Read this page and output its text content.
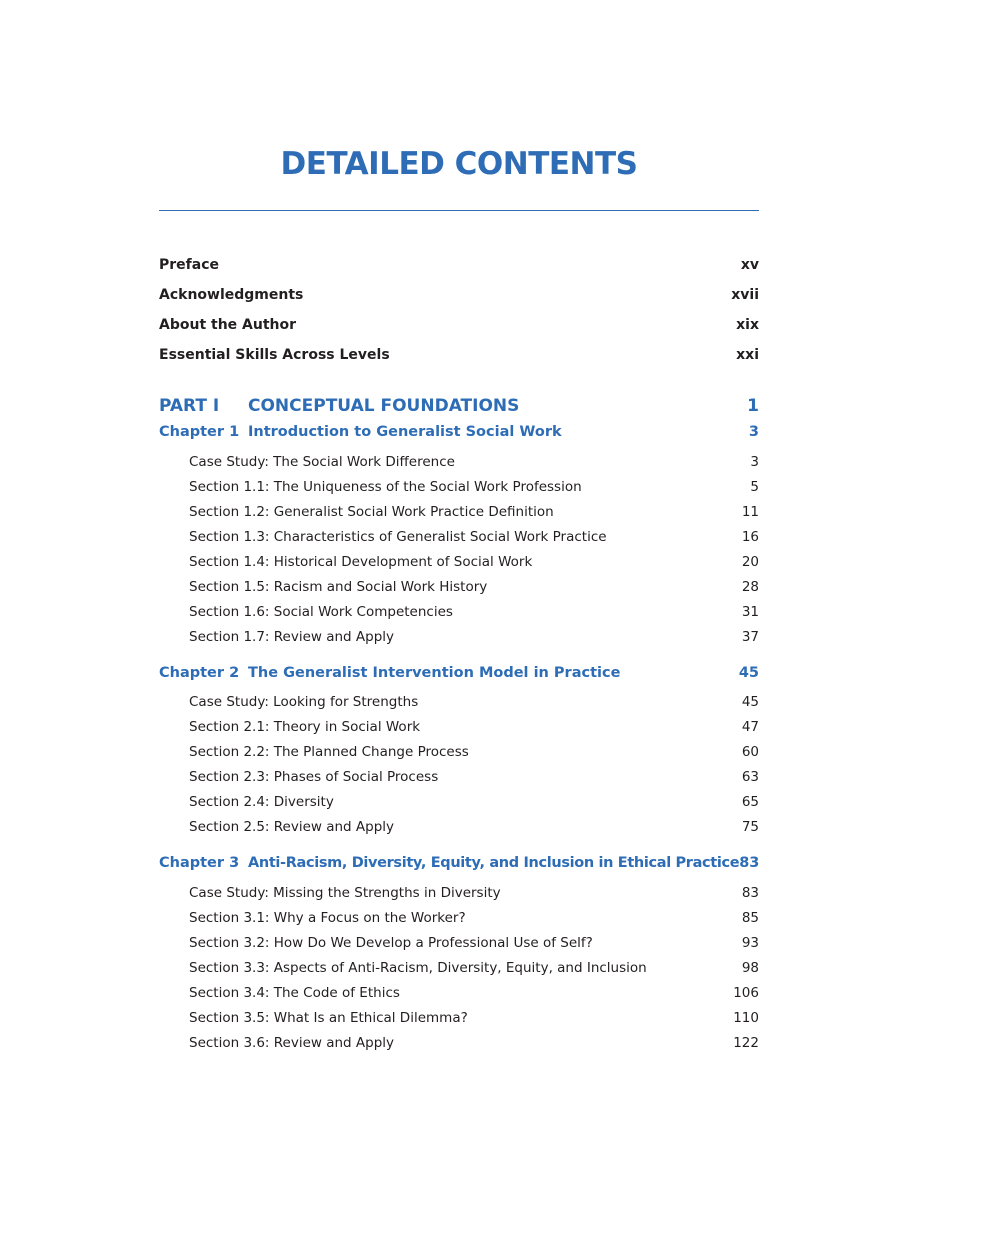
DETAILED CONTENTS
Preface	xv
Acknowledgments	xvii
About the Author	xix
Essential Skills Across Levels	xxi
PART I CONCEPTUAL FOUNDATIONS	1
Chapter 1 Introduction to Generalist Social Work	3
Case Study: The Social Work Difference	3
Section 1.1: The Uniqueness of the Social Work Profession	5
Section 1.2: Generalist Social Work Practice Definition	11
Section 1.3: Characteristics of Generalist Social Work Practice	16
Section 1.4: Historical Development of Social Work	20
Section 1.5: Racism and Social Work History	28
Section 1.6: Social Work Competencies	31
Section 1.7: Review and Apply	37
Chapter 2 The Generalist Intervention Model in Practice	45
Case Study: Looking for Strengths	45
Section 2.1: Theory in Social Work	47
Section 2.2: The Planned Change Process	60
Section 2.3: Phases of Social Process	63
Section 2.4: Diversity	65
Section 2.5: Review and Apply	75
Chapter 3 Anti-Racism, Diversity, Equity, and Inclusion in Ethical Practice 83
Case Study: Missing the Strengths in Diversity	83
Section 3.1: Why a Focus on the Worker?	85
Section 3.2: How Do We Develop a Professional Use of Self?	93
Section 3.3: Aspects of Anti-Racism, Diversity, Equity, and Inclusion	98
Section 3.4: The Code of Ethics	106
Section 3.5: What Is an Ethical Dilemma?	110
Section 3.6: Review and Apply	122
